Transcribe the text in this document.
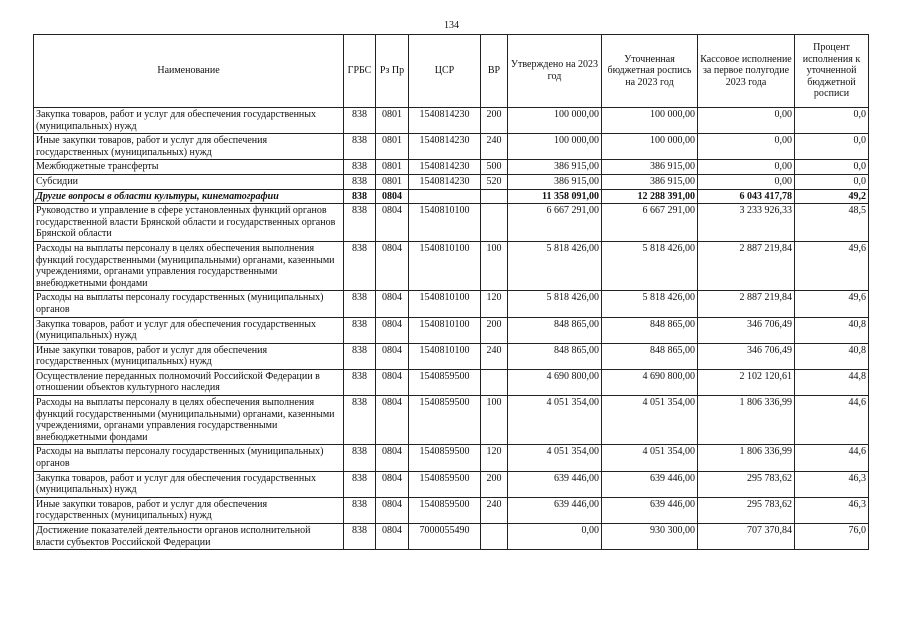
134
Наименование	ГРБС	Рз Пр	ЦСР	ВР	Утверждено на 2023 год	Уточненная бюджетная роспись на 2023 год	Кассовое исполнение за первое полугодие 2023 года	Процент исполнения к уточненной бюджетной росписи
Закупка товаров, работ и услуг для обеспечения государственных (муниципальных) нужд	838	0801	1540814230	200	100 000,00	100 000,00	0,00	0,0
Иные закупки товаров, работ и услуг для обеспечения государственных (муниципальных) нужд	838	0801	1540814230	240	100 000,00	100 000,00	0,00	0,0
Межбюджетные трансферты	838	0801	1540814230	500	386 915,00	386 915,00	0,00	0,0
Субсидии	838	0801	1540814230	520	386 915,00	386 915,00	0,00	0,0
Другие вопросы в области культуры, кинематографии	838	0804			11 358 091,00	12 288 391,00	6 043 417,78	49,2
Руководство и управление в сфере установленных функций органов государственной власти Брянской области и государственных органов Брянской области	838	0804	1540810100		6 667 291,00	6 667 291,00	3 233 926,33	48,5
Расходы на выплаты персоналу в целях обеспечения выполнения функций государственными (муниципальными) органами, казенными учреждениями, органами управления государственными внебюджетными фондами	838	0804	1540810100	100	5 818 426,00	5 818 426,00	2 887 219,84	49,6
Расходы на выплаты персоналу государственных (муниципальных) органов	838	0804	1540810100	120	5 818 426,00	5 818 426,00	2 887 219,84	49,6
Закупка товаров, работ и услуг для обеспечения государственных (муниципальных) нужд	838	0804	1540810100	200	848 865,00	848 865,00	346 706,49	40,8
Иные закупки товаров, работ и услуг для обеспечения государственных (муниципальных) нужд	838	0804	1540810100	240	848 865,00	848 865,00	346 706,49	40,8
Осуществление переданных полномочий Российской Федерации в отношении объектов культурного наследия	838	0804	1540859500		4 690 800,00	4 690 800,00	2 102 120,61	44,8
Расходы на выплаты персоналу в целях обеспечения выполнения функций государственными (муниципальными) органами, казенными учреждениями, органами управления государственными внебюджетными фондами	838	0804	1540859500	100	4 051 354,00	4 051 354,00	1 806 336,99	44,6
Расходы на выплаты персоналу государственных (муниципальных) органов	838	0804	1540859500	120	4 051 354,00	4 051 354,00	1 806 336,99	44,6
Закупка товаров, работ и услуг для обеспечения государственных (муниципальных) нужд	838	0804	1540859500	200	639 446,00	639 446,00	295 783,62	46,3
Иные закупки товаров, работ и услуг для обеспечения государственных (муниципальных) нужд	838	0804	1540859500	240	639 446,00	639 446,00	295 783,62	46,3
Достижение показателей деятельности органов исполнительной власти субъектов Российской Федерации	838	0804	7000055490		0,00	930 300,00	707 370,84	76,0
